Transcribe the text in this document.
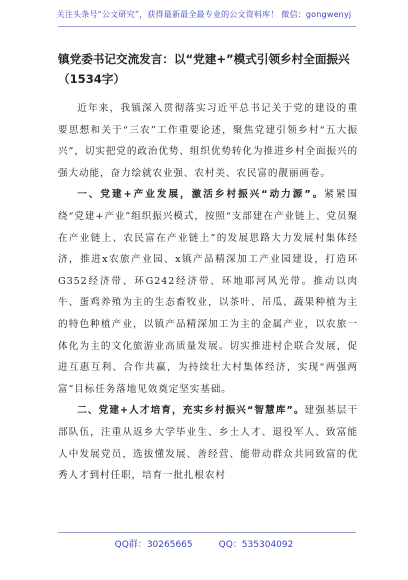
关注头条号“公文研究”，获得最新最全最专业的公文资料库！ 微信：gongwenyj
镇党委书记交流发言：以“党建+”模式引领乡村全面振兴
（1534字）

近年来，我镇深入贯彻落实习近平总书记关于党的建设的重要思想和关于“三农”工作重要论述，聚焦党建引领乡村“五大振兴”，切实把党的政治优势、组织优势转化为推进乡村全面振兴的强大动能，奋力绘就农业强、农村美、农民富的靓丽画卷。

一、党建+产业发展，激活乡村振兴“动力源”。紧紧围绕“党建+产业”组织振兴模式，按照“支部建在产业链上、党员聚在产业链上、农民富在产业链上”的发展思路大力发展村集体经济，推进x农旅产业园、x镇产品精深加工产业园建设，打造环G352经济带、环G242经济带、环地耶河风光带。推动以肉牛、蛋鸡养殖为主的生态畜牧业，以茶叶、吊瓜、蔬果种植为主的特色种植产业，以镇产品精深加工为主的金属产业，以农旅一体化为主的文化旅游业高质量发展。切实推进村企联合发展，促进互惠互利、合作共赢，为持续壮大村集体经济，实现“两强两富”目标任务落地见效奠定坚实基础。

二、党建+人才培育，充实乡村振兴“智慧库”。建强基层干部队伍，注重从返乡大学毕业生、乡土人才、退役军人、致富能人中发展党员，选拔懂发展、善经营、能带动群众共同致富的优秀人才到村任职，培育一批扎根农村

QQ群：30265665	QQ：535304092
